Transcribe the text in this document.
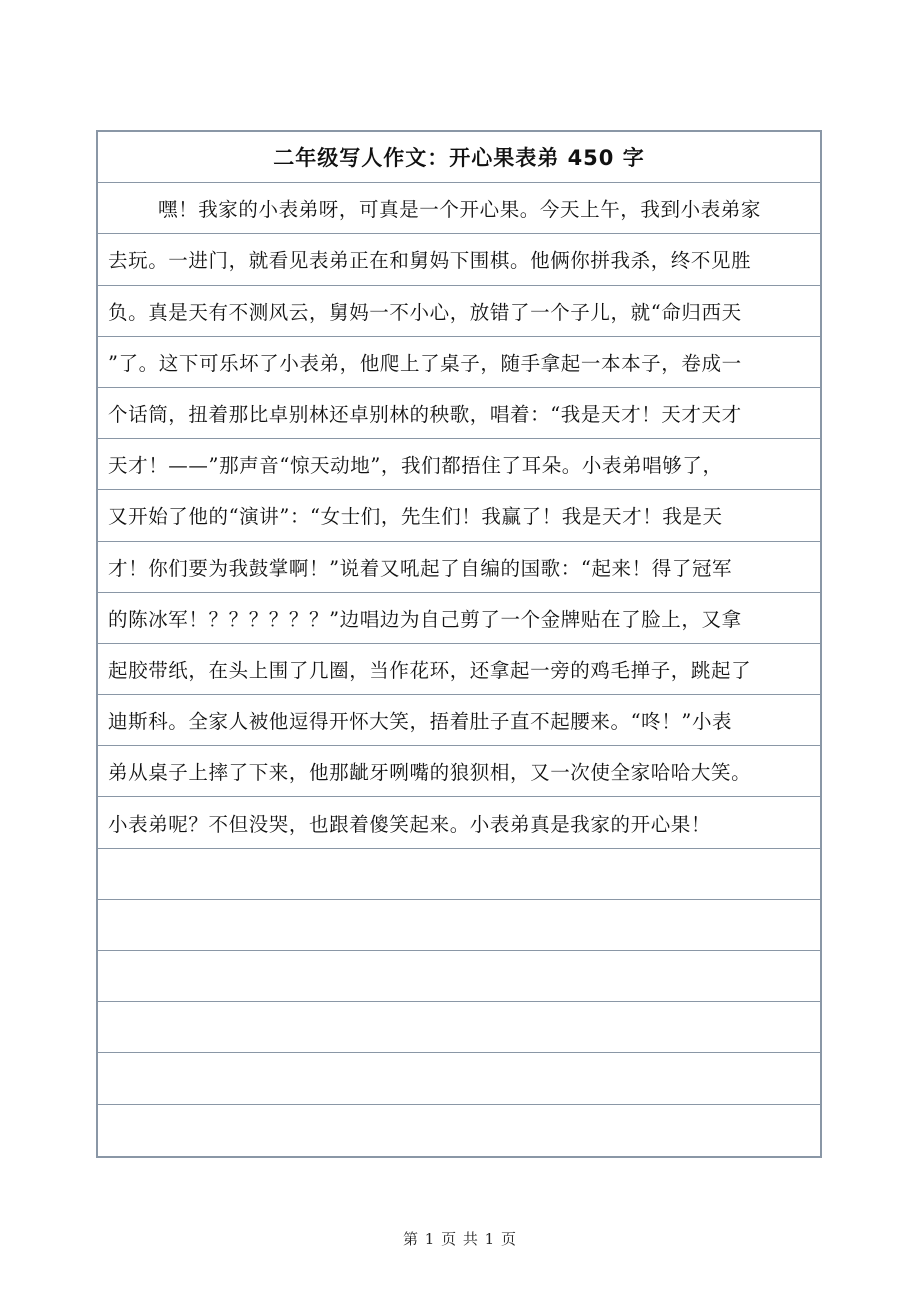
二年级写人作文：开心果表弟 450 字
嘿！我家的小表弟呀，可真是一个开心果。今天上午，我到小表弟家
去玩。一进门，就看见表弟正在和舅妈下围棋。他俩你拼我杀，终不见胜
负。真是天有不测风云，舅妈一不小心，放错了一个子儿，就“命归西天
”了。这下可乐坏了小表弟，他爬上了桌子，随手拿起一本本子，卷成一
个话筒，扭着那比卓别林还卓别林的秧歌，唱着：“我是天才！天才天才
天才！——”那声音“惊天动地”，我们都捂住了耳朵。小表弟唱够了，
又开始了他的“演讲”：“女士们，先生们！我赢了！我是天才！我是天
才！你们要为我鼓掌啊！”说着又吼起了自编的国歌：“起来！得了冠军
的陈冰军！？？？？？？”边唱边为自己剪了一个金牌贴在了脸上，又拿
起胶带纸，在头上围了几圈，当作花环，还拿起一旁的鸡毛掸子，跳起了
迪斯科。全家人被他逗得开怀大笑，捂着肚子直不起腰来。“咚！”小表
弟从桌子上摔了下来，他那龇牙咧嘴的狼狈相，又一次使全家哈哈大笑。
小表弟呢？不但没哭，也跟着傻笑起来。小表弟真是我家的开心果！
第 1 页 共 1 页
